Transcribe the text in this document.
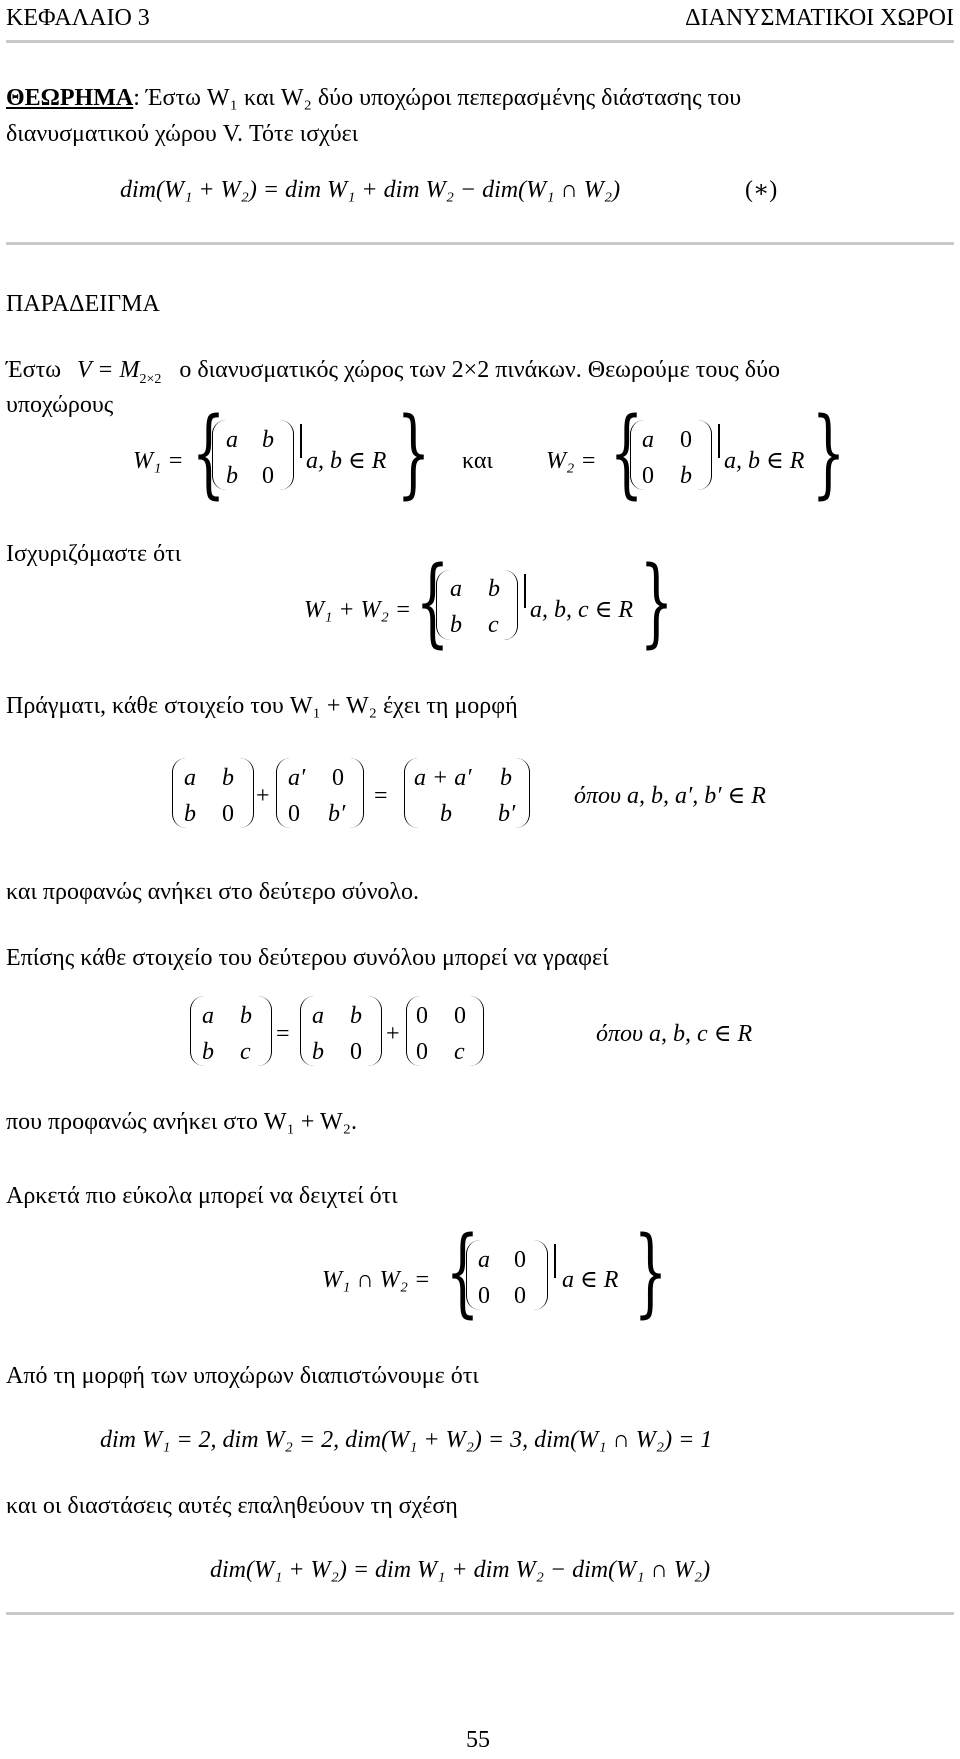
ΚΕΦΑΛΑΙΟ 3	ΔΙΑΝΥΣΜΑΤΙΚΟΙ ΧΩΡΟΙ
ΘΕΩΡΗΜΑ: Έστω W₁ και W₂ δύο υποχώροι πεπερασμένης διάστασης του
διανυσματικού χώρου V. Τότε ισχύει
dim(W₁ + W₂) = dim W₁ + dim W₂ − dim(W₁ ∩ W₂)	(∗)
ΠΑΡΑΔΕΙΓΜΑ
Έστω $V = M_{2\times 2}$ ο διανυσματικός χώρος των 2×2 πινάκων. Θεωρούμε τους δύο
υποχώρους
W₁ = { a b
b 0
a, b ∈ R } και W₂ = {
a 0
0 b
a, b ∈ R }
Ισχυριζόμαστε ότι
W₁ + W₂ = { a b
b c
a, b, c ∈ R }
Πράγματι, κάθε στοιχείο του W₁ + W₂ έχει τη μορφή
a b
b 0
+
a′ 0
0 b′
=
a + a′ b
b b′
όπου a, b, a′, b′ ∈ R
και προφανώς ανήκει στο δεύτερο σύνολο.
Επίσης κάθε στοιχείο του δεύτερου συνόλου μπορεί να γραφεί
a b
b c
=
a b
b 0
+
0 0
0 c
όπου a, b, c ∈ R
που προφανώς ανήκει στο W₁ + W₂.
Αρκετά πιο εύκολα μπορεί να δειχτεί ότι
W₁ ∩ W₂ = {
a 0
0 0
a ∈ R }
Από τη μορφή των υποχώρων διαπιστώνουμε ότι
dim W₁ = 2, dim W₂ = 2, dim(W₁ + W₂) = 3, dim(W₁ ∩ W₂) = 1
και οι διαστάσεις αυτές επαληθεύουν τη σχέση
dim(W₁ + W₂) = dim W₁ + dim W₂ − dim(W₁ ∩ W₂)
55
